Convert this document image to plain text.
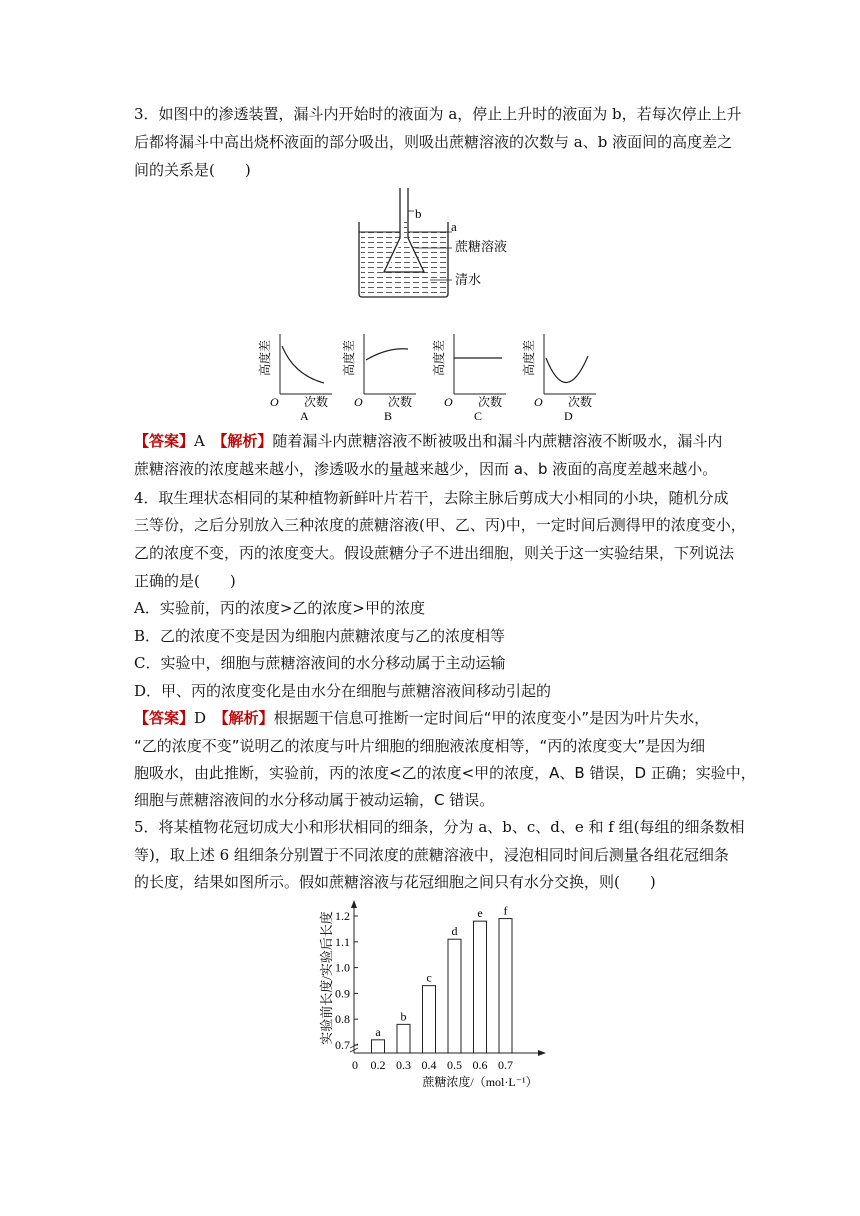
3．如图中的渗透装置，漏斗内开始时的液面为 a，停止上升时的液面为 b，若每次停止上升
后都将漏斗中高出烧杯液面的部分吸出，则吸出蔗糖溶液的次数与 a、b 液面间的高度差之
间的关系是(　　)
b
a
蔗糖溶液
清水
高度差
O 次数
A
高度差
O 次数
B
高度差
O 次数
C
高度差
O 次数
D
【答案】A　 【解析】随着漏斗内蔗糖溶液不断被吸出和漏斗内蔗糖溶液不断吸水，漏斗内
蔗糖溶液的浓度越来越小，渗透吸水的量越来越少，因而 a、b 液面的高度差越来越小。
4．取生理状态相同的某种植物新鲜叶片若干，去除主脉后剪成大小相同的小块，随机分成
三等份，之后分别放入三种浓度的蔗糖溶液(甲、乙、丙)中，一定时间后测得甲的浓度变小，
乙的浓度不变，丙的浓度变大。假设蔗糖分子不进出细胞，则关于这一实验结果，下列说法
正确的是(　　)
A．实验前，丙的浓度>乙的浓度>甲的浓度
B．乙的浓度不变是因为细胞内蔗糖浓度与乙的浓度相等
C．实验中，细胞与蔗糖溶液间的水分移动属于主动运输
D．甲、丙的浓度变化是由水分在细胞与蔗糖溶液间移动引起的
【答案】D　 【解析】根据题干信息可推断一定时间后“甲的浓度变小”是因为叶片失水，
“乙的浓度不变”说明乙的浓度与叶片细胞的细胞液浓度相等，“丙的浓度变大”是因为细
胞吸水，由此推断，实验前，丙的浓度<乙的浓度<甲的浓度，A、B 错误，D 正确；实验中，
细胞与蔗糖溶液间的水分移动属于被动运输，C 错误。
5．将某植物花冠切成大小和形状相同的细条，分为 a、b、c、d、e 和 f 组(每组的细条数相
等)，取上述 6 组细条分别置于不同浓度的蔗糖溶液中，浸泡相同时间后测量各组花冠细条
的长度，结果如图所示。假如蔗糖溶液与花冠细胞之间只有水分交换，则(　　)
实验前长度/实验后长度
0
蔗糖浓度/（mol·L⁻¹）
0.7
0.8
0.9
1.0
1.1
1.2
a
0.2
b
0.3
c
0.4
d
0.5
e
0.6
f
0.7
